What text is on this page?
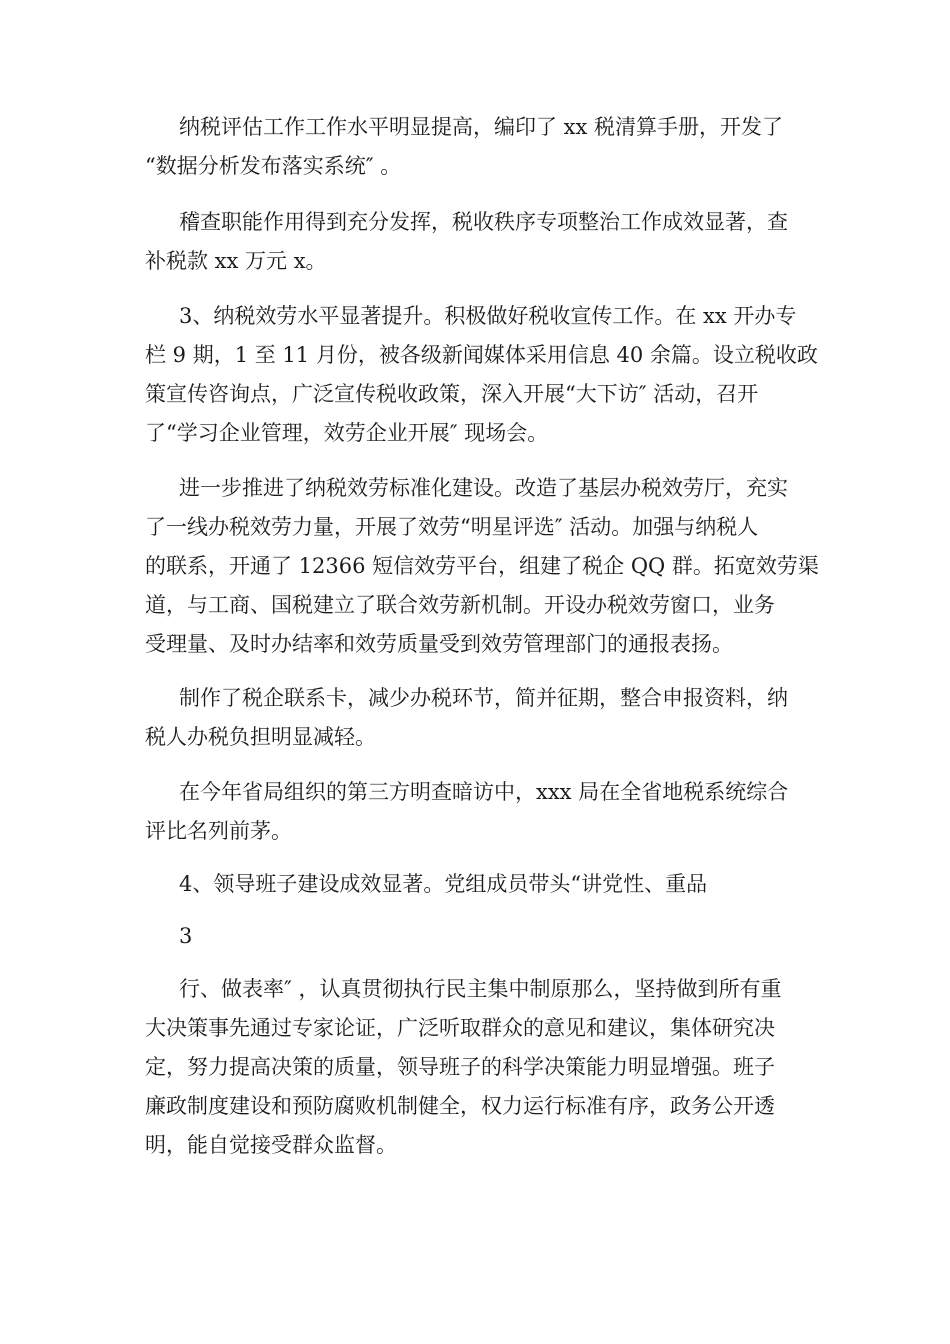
纳税评估工作工作水平明显提高，编印了 xx 税清算手册，开发了
“数据分析发布落实系统″ 。
稽查职能作用得到充分发挥，税收秩序专项整治工作成效显著，查
补税款 xx 万元 x。
3、纳税效劳水平显著提升。积极做好税收宣传工作。在 xx 开办专
栏 9 期，1 至 11 月份，被各级新闻媒体采用信息 40 余篇。设立税收政
策宣传咨询点，广泛宣传税收政策，深入开展“大下访″ 活动，召开
了“学习企业管理，效劳企业开展″ 现场会。
进一步推进了纳税效劳标准化建设。改造了基层办税效劳厅，充实
了一线办税效劳力量，开展了效劳“明星评选″ 活动。加强与纳税人
的联系，开通了 12366 短信效劳平台，组建了税企 QQ 群。拓宽效劳渠
道，与工商、国税建立了联合效劳新机制。开设办税效劳窗口，业务
受理量、及时办结率和效劳质量受到效劳管理部门的通报表扬。
制作了税企联系卡，减少办税环节，简并征期，整合申报资料，纳
税人办税负担明显减轻。
在今年省局组织的第三方明查暗访中，xxx 局在全省地税系统综合
评比名列前茅。
4、领导班子建设成效显著。党组成员带头“讲党性、重品
3
行、做表率″ ，认真贯彻执行民主集中制原那么，坚持做到所有重
大决策事先通过专家论证，广泛听取群众的意见和建议，集体研究决
定，努力提高决策的质量，领导班子的科学决策能力明显增强。班子
廉政制度建设和预防腐败机制健全，权力运行标准有序，政务公开透
明，能自觉接受群众监督。
